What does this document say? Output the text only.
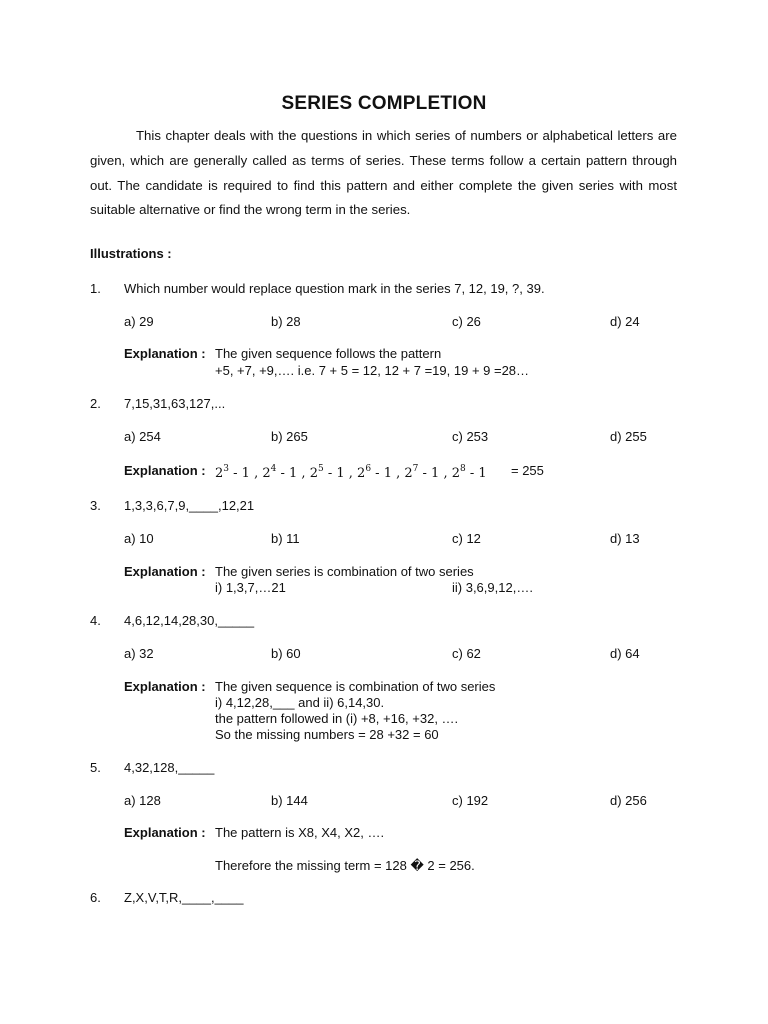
SERIES COMPLETION

This chapter deals with the questions in which series of numbers or alphabetical letters are given, which are generally called as terms of series. These terms follow a certain pattern through out. The candidate is required to find this pattern and either complete the given series with most suitable alternative or find the wrong term in the series.

Illustrations :
1. Which number would replace question mark in the series 7, 12, 19, ?, 39.
a) 29	b) 28	c) 26	d) 24
Explanation : The given sequence follows the pattern
+5, +7, +9,…. i.e. 7 + 5 = 12, 12 + 7 =19, 19 + 9 =28…
2. 7,15,31,63,127,...
a) 254	b) 265	c) 253	d) 255
Explanation : $2^3 - 1$ , $2^4 - 1$ , $2^5 - 1$ , $2^6 - 1$ , $2^7 - 1$ , $2^8 - 1 = 255$
3. 1,3,3,6,7,9,____,12,21
a) 10	b) 11	c) 12	d) 13
Explanation : The given series is combination of two series
i) 1,3,7,…21	ii) 3,6,9,12,….
4. 4,6,12,14,28,30,_____
a) 32	b) 60	c) 62	d) 64
Explanation : The given sequence is combination of two series
i) 4,12,28,___ and ii) 6,14,30.
the pattern followed in (i) +8, +16, +32, ….
So the missing numbers = 28 +32 = 60
5. 4,32,128,_____
a) 128	b) 144	c) 192	d) 256
Explanation : The pattern is X8, X4, X2, ….
Therefore the missing term = 128 � 2 = 256.
6. Z,X,V,T,R,____,____
